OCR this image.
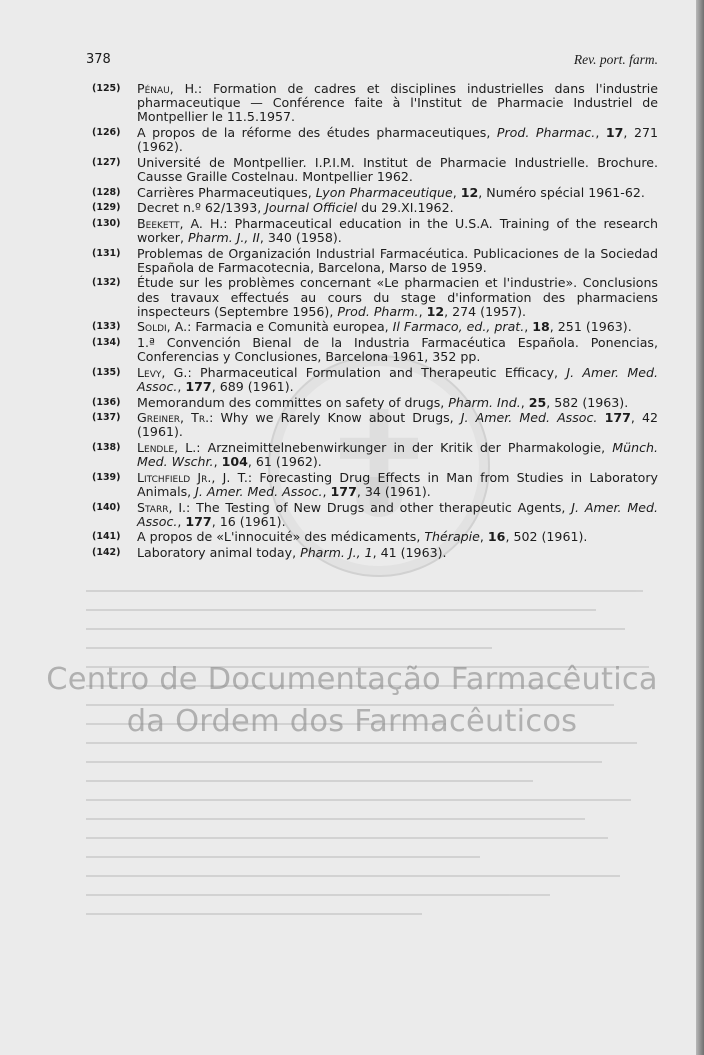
378	Rev. port. farm.
(125) Pénau, H.: Formation de cadres et disciplines industrielles dans l'industrie pharmaceutique — Conférence faite à l'Institut de Pharmacie Industriel de Montpellier le 11.5.1957.
(126) A propos de la réforme des études pharmaceutiques, Prod. Pharmac., 17, 271 (1962).
(127) Université de Montpellier. I.P.I.M. Institut de Pharmacie Industrielle. Brochure. Causse Graille Costelnau. Montpellier 1962.
(128) Carrières Pharmaceutiques, Lyon Pharmaceutique, 12, Numéro spécial 1961-62.
(129) Decret n.º 62/1393, Journal Officiel du 29.XI.1962.
(130) Beekett, A. H.: Pharmaceutical education in the U.S.A. Training of the research worker, Pharm. J., II, 340 (1958).
(131) Problemas de Organización Industrial Farmacéutica. Publicaciones de la Sociedad Española de Farmacotecnia, Barcelona, Marso de 1959.
(132) Étude sur les problèmes concernant «Le pharmacien et l'industrie». Conclusions des travaux effectués au cours du stage d'information des pharmaciens inspecteurs (Septembre 1956), Prod. Pharm., 12, 274 (1957).
(133) Soldi, A.: Farmacia e Comunità europea, Il Farmaco, ed., prat., 18, 251 (1963).
(134) 1.ª Convención Bienal de la Industria Farmacéutica Española. Ponencias, Conferencias y Conclusiones, Barcelona 1961, 352 pp.
(135) Levy, G.: Pharmaceutical Formulation and Therapeutic Efficacy, J. Amer. Med. Assoc., 177, 689 (1961).
(136) Memorandum des committes on safety of drugs, Pharm. Ind., 25, 582 (1963).
(137) Greiner, Tr.: Why we Rarely Know about Drugs, J. Amer. Med. Assoc. 177, 42 (1961).
(138) Lendle, L.: Arzneimittelnebenwirkunger in der Kritik der Pharmakologie, Münch. Med. Wschr., 104, 61 (1962).
(139) Litchfield Jr., J. T.: Forecasting Drug Effects in Man from Studies in Laboratory Animals, J. Amer. Med. Assoc., 177, 34 (1961).
(140) Starr, I.: The Testing of New Drugs and other therapeutic Agents, J. Amer. Med. Assoc., 177, 16 (1961).
(141) A propos de «L'innocuité» des médicaments, Thérapie, 16, 502 (1961).
(142) Laboratory animal today, Pharm. J., 1, 41 (1963).
Centro de Documentação Farmacêutica
da Ordem dos Farmacêuticos
